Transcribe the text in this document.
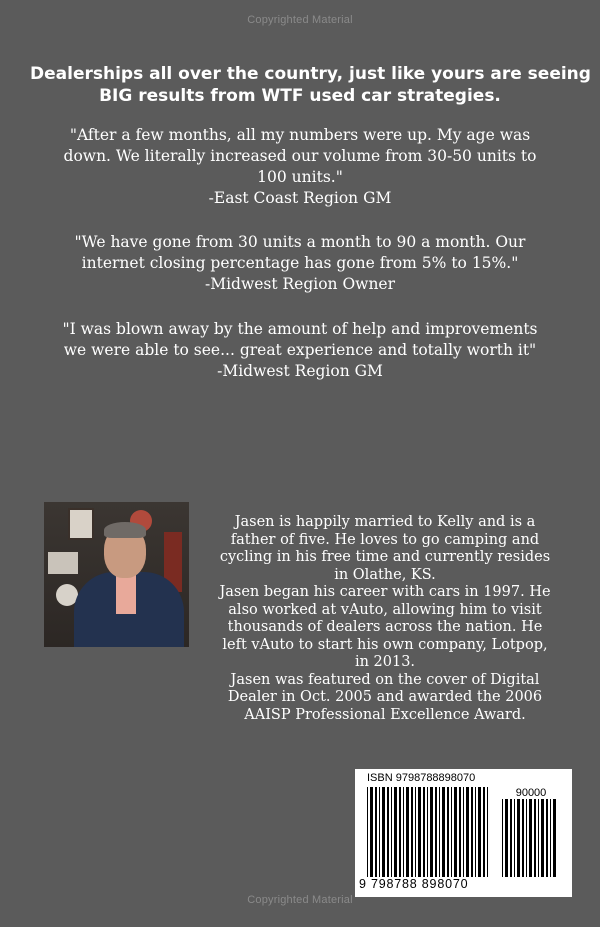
Copyrighted Material
Dealerships all over the country, just like yours are seeing
BIG results from WTF used car strategies.
"After a few months, all my numbers were up. My age was
down. We literally increased our volume from 30-50 units to
100 units."
-East Coast Region GM
"We have gone from 30 units a month to 90 a month. Our
internet closing percentage has gone from 5% to 15%."
-Midwest Region Owner
"I was blown away by the amount of help and improvements
we were able to see... great experience and totally worth it"
-Midwest Region GM
Jasen is happily married to Kelly and is a
father of five. He loves to go camping and
cycling in his free time and currently resides
in Olathe, KS.
Jasen began his career with cars in 1997. He
also worked at vAuto, allowing him to visit
thousands of dealers across the nation. He
left vAuto to start his own company, Lotpop,
in 2013.
Jasen was featured on the cover of Digital
Dealer in Oct. 2005 and awarded the 2006
AAISP Professional Excellence Award.
ISBN 9798788898070
90000
9 798788 898070
Copyrighted Material
